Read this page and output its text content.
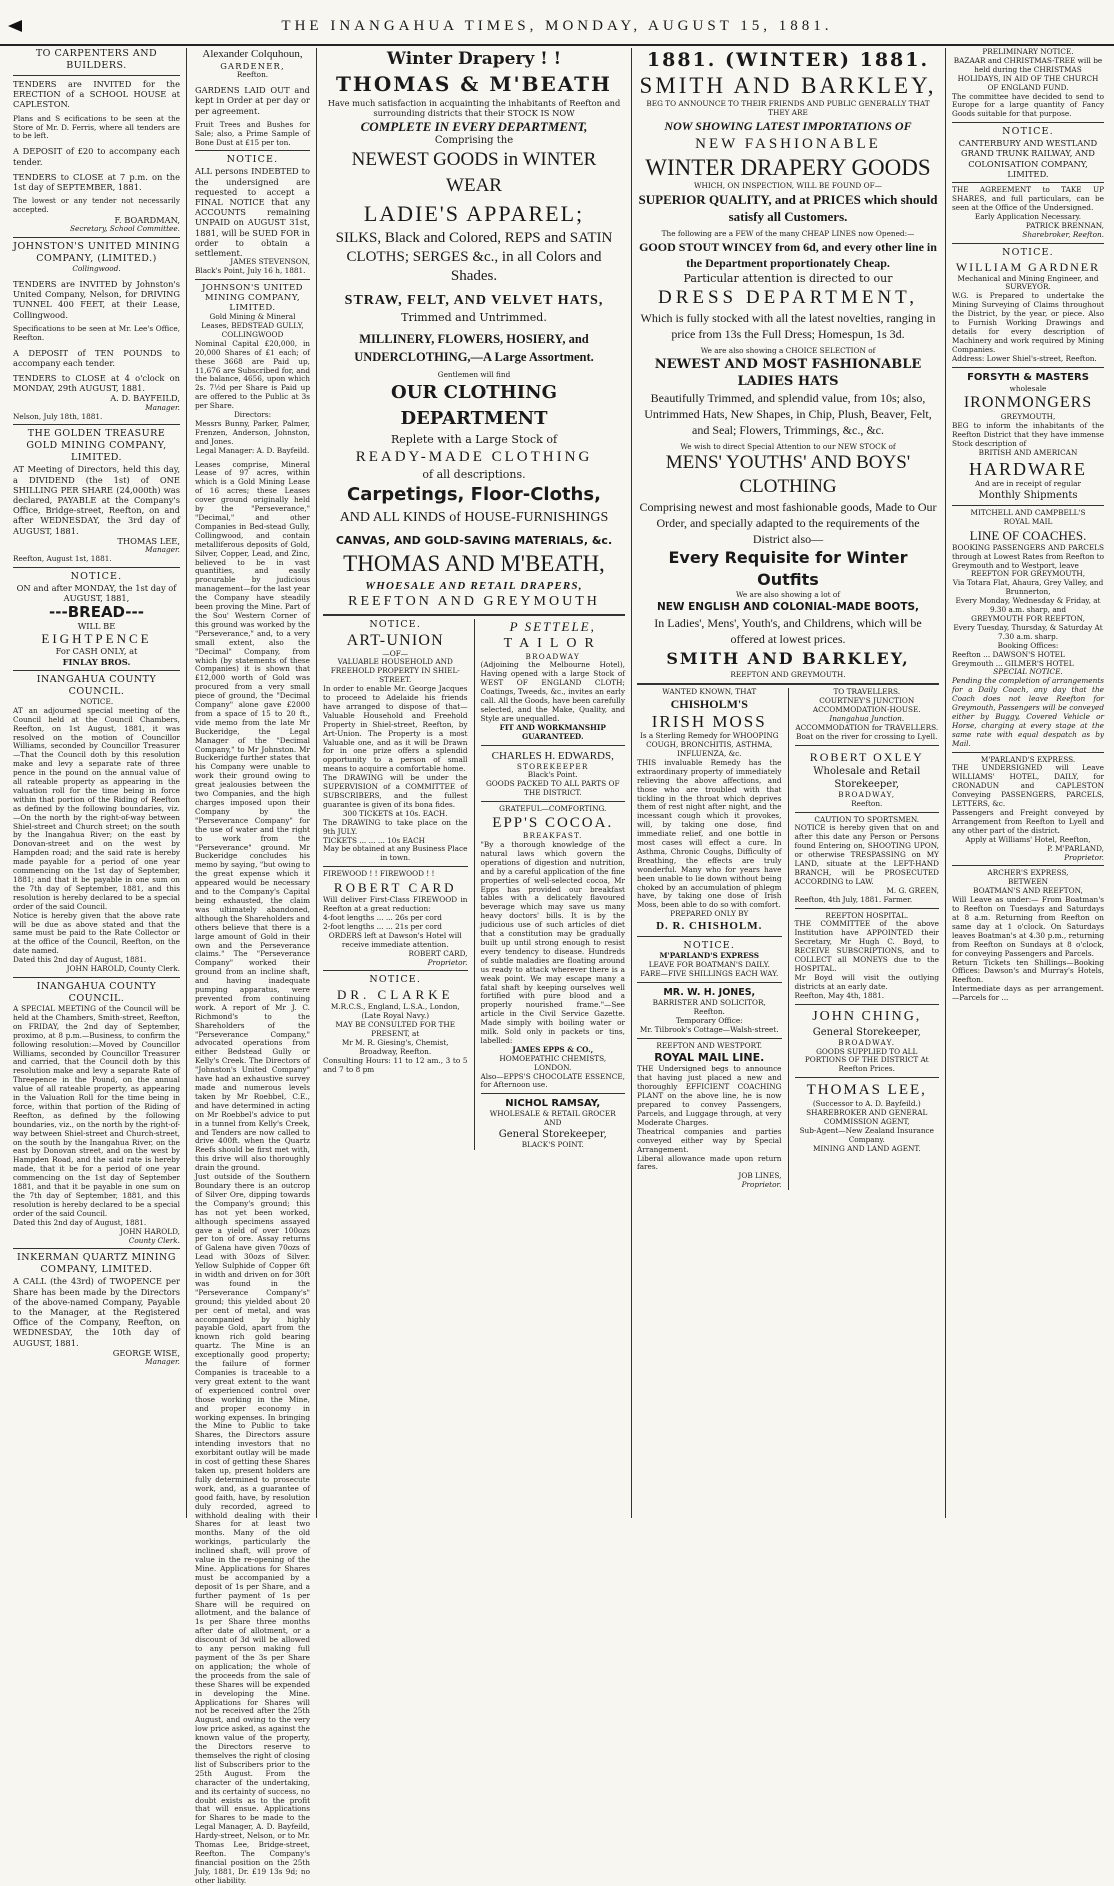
THE INANGAHUA TIMES, MONDAY, AUGUST 15, 1881.
TO CARPENTERS AND BUILDERS.

TENDERS are INVITED for the ERECTION of a SCHOOL HOUSE at CAPLESTON.

Plans and S ecifications to be seen at the Store of Mr. D. Ferris, where all tenders are to be left.

A DEPOSIT of £20 to accompany each tender.

TENDERS to CLOSE at 7 p.m. on the 1st day of SEPTEMBER, 1881.

The lowest or any tender not necessarily accepted.

F. BOARDMAN,

Secretary, School Committee.

JOHNSTON'S UNITED MINING COMPANY, (LIMITED.)

Collingwood.

TENDERS are INVITED by Johnston's United Company, Nelson, for DRIVING TUNNEL 400 FEET, at their Lease, Collingwood.

Specifications to be seen at Mr. Lee's Office, Reefton.

A DEPOSIT of TEN POUNDS to accompany each tender.

TENDERS to CLOSE at 4 o'clock on MONDAY, 29th AUGUST, 1881.

A. D. BAYFEILD,

Manager.

Nelson, July 18th, 1881.

THE GOLDEN TREASURE GOLD MINING COMPANY, LIMITED.

AT Meeting of Directors, held this day, a DIVIDEND (the 1st) of ONE SHILLING PER SHARE (24,000th) was declared, PAYABLE at the Company's Office, Bridge-street, Reefton, on and after WEDNESDAY, the 3rd day of AUGUST, 1881.

THOMAS LEE,

Manager.

Reefton, August 1st, 1881.

NOTICE.

ON and after MONDAY, the 1st day of AUGUST, 1881,

---BREAD---

WILL BE

EIGHTPENCE

For CASH ONLY, at

FINLAY BROS.

INANGAHUA COUNTY COUNCIL.

NOTICE.

AT an adjourned special meeting of the Council held at the Council Chambers, Reefton, on 1st August, 1881, it was resolved on the motion of Councillor Williams, seconded by Councillor Treasurer—That the Council doth by this resolution make and levy a separate rate of three pence in the pound on the annual value of all rateable property as appearing in the valuation roll for the time being in force within that portion of the Riding of Reefton as defined by the following boundaries, viz.—On the north by the right-of-way between Shiel-street and Church street; on the south by the Inangahua River; on the east by Donovan-street and on the west by Hampden road; and the said rate is hereby made payable for a period of one year commencing on the 1st day of September, 1881; and that it be payable in one sum on the 7th day of September, 1881, and this resolution is hereby declared to be a special order of the said Council.

Notice is hereby given that the above rate will be due as above stated and that the same must be paid to the Rate Collector or at the office of the Council, Reefton, on the date named.

Dated this 2nd day of August, 1881.

JOHN HAROLD, County Clerk.

INANGAHUA COUNTY COUNCIL.

A SPECIAL MEETING of the Council will be held at the Chambers, Smith-street, Reefton, on FRIDAY, the 2nd day of September, proximo, at 8 p.m.—Business, to confirm the following resolution:—Moved by Councillor Williams, seconded by Councillor Treasurer and carried, that the Council doth by this resolution make and levy a separate Rate of Threepence in the Pound, on the annual value of all rateable property, as appearing in the Valuation Roll for the time being in force, within that portion of the Riding of Reefton, as defined by the following boundaries, viz., on the north by the right-of-way between Shiel-street and Church-street, on the south by the Inangahua River, on the east by Donovan street, and on the west by Hampden Road, and the said rate is hereby made, that it be for a period of one year commencing on the 1st day of September 1881, and that it be payable in one sum on the 7th day of September, 1881, and this resolution is hereby declared to be a special order of the said Council.

Dated this 2nd day of August, 1881.

JOHN HAROLD,

County Clerk.

INKERMAN QUARTZ MINING COMPANY, LIMITED.

A CALL (the 43rd) of TWOPENCE per Share has been made by the Directors of the above-named Company, Payable to the Manager, at the Registered Office of the Company, Reefton, on WEDNESDAY, the 10th day of AUGUST, 1881.

GEORGE WISE,

Manager.

Alexander Colquhoun,

GARDENER,

Reefton.

GARDENS LAID OUT and kept in Order at per day or per agreement.

Fruit Trees and Bushes for Sale; also, a Prime Sample of Bone Dust at £15 per ton.

NOTICE.

ALL persons INDEBTED to the undersigned are requested to accept a FINAL NOTICE that any ACCOUNTS remaining UNPAID on AUGUST 31st, 1881, will be SUED FOR in order to obtain a settlement.

JAMES STEVENSON,

Black's Point, July 16 h, 1881.

JOHNSON'S UNITED MINING COMPANY, LIMITED.

Gold Mining & Mineral Leases, BEDSTEAD GULLY, COLLINGWOOD

Nominal Capital £20,000, in 20,000 Shares of £1 each; of these 3668 are Paid up, 11,676 are Subscribed for, and the balance, 4656, upon which 2s. 7½d per Share is Paid up are offered to the Public at 3s per Share.

Directors:

Messrs Bunny, Parker, Palmer, Frenzen, Anderson, Johnston, and Jones.

Legal Manager: A. D. Bayfeild.

Leases comprise, Mineral Lease of 97 acres, within which is a Gold Mining Lease of 16 acres; these Leases cover ground originally held by the "Perseverance," "Decimal," and other Companies in Bed-stead Gully, Collingwood, and contain metalliferous deposits of Gold, Silver, Copper, Lead, and Zinc, believed to be in vast quantities, and easily procurable by judicious management—for the last year the Company have steadily been proving the Mine. Part of the Sou' Western Corner of this ground was worked by the "Perseverance," and, to a very small extent, also the "Decimal" Company, from which (by statements of these Companies) it is shown that £12,000 worth of Gold was procured from a very small piece of ground, the "Decimal Company" alone gave £2000 from a space of 15 to 20 ft., vide memo from the late Mr Buckeridge, the Legal Manager of the "Decimal Company," to Mr Johnston. Mr Buckeridge further states that his Company were unable to work their ground owing to great jealousies between the two Companies, and the high charges imposed upon their Company by the "Perseverance Company" for the use of water and the right to work from the "Perseverance" ground. Mr Buckeridge concludes his memo by saying, "but owing to the great expense which it appeared would be necessary and to the Company's Capital being exhausted, the claim was ultimately abandoned, although the Shareholders and others believe that there is a large amount of Gold in their own and the Perseverance claims." The "Perseverance Company" worked their ground from an incline shaft, and having inadequate pumping apparatus, were prevented from continuing work. A report of Mr J. C. Richmond's to the Shareholders of the "Perseverance Company," advocated operations from either Bedstead Gully or Kelly's Creek. The Directors of "Johnston's United Company" have had an exhaustive survey made and numerous levels taken by Mr Roebbel, C.E., and have determined in acting on Mr Roebbel's advice to put in a tunnel from Kelly's Creek, and Tenders are now called to drive 400ft. when the Quartz Reefs should be first met with, this drive will also thoroughly drain the ground.

Just outside of the Southern Boundary there is an outcrop of Silver Ore, dipping towards the Company's ground; this has not yet been worked, although specimens assayed gave a yield of over 100ozs per ton of ore. Assay returns of Galena have given 70ozs of Lead with 30ozs of Silver. Yellow Sulphide of Copper 6ft in width and driven on for 30ft was found in the "Perseverance Company's" ground; this yielded about 20 per cent of metal, and was accompanied by highly payable Gold, apart from the known rich gold bearing quartz. The Mine is an exceptionally good property; the failure of former Companies is traceable to a very great extent to the want of experienced control over those working in the Mine, and proper economy in working expenses. In bringing the Mine to Public to take Shares, the Directors assure intending investors that no exorbitant outlay will be made in cost of getting these Shares taken up, present holders are fully determined to prosecute work, and, as a guarantee of good faith, have, by resolution duly recorded, agreed to withhold dealing with their Shares for at least two months. Many of the old workings, particularly the inclined shaft, will prove of value in the re-opening of the Mine. Applications for Shares must be accompanied by a deposit of 1s per Share, and a further payment of 1s per Share will be required on allotment, and the balance of 1s per Share three months after date of allotment, or a discount of 3d will be allowed to any person making full payment of the 3s per Share on application; the whole of the proceeds from the sale of these Shares will be expended in developing the Mine. Applications for Shares will not be received after the 25th August, and owing to the very low price asked, as against the known value of the property, the Directors reserve to themselves the right of closing list of Subscribers prior to the 25th August. From the character of the undertaking, and its certainty of success, no doubt exists as to the profit that will ensue. Applications for Shares to be made to the Legal Manager, A. D. Bayfeild, Hardy-street, Nelson, or to Mr. Thomas Lee, Bridge-street, Reefton. The Company's financial position on the 25th July, 1881, Dr. £19 13s 9d; no other liability.

Winter Drapery ! !
THOMAS & M'BEATH

Have much satisfaction in acquainting the inhabitants of Reefton and surrounding districts that their STOCK IS NOW

COMPLETE IN EVERY DEPARTMENT,

Comprising the

NEWEST GOODS in WINTER WEAR
LADIE'S APPAREL;
SILKS, Black and Colored, REPS and SATIN CLOTHS; SERGES &c., in all Colors and Shades.
STRAW, FELT, AND VELVET HATS,

Trimmed and Untrimmed.

MILLINERY, FLOWERS, HOSIERY, and UNDERCLOTHING,—A Large Assortment.

Gentlemen will find

OUR CLOTHING DEPARTMENT

Replete with a Large Stock of

READY-MADE CLOTHING

of all descriptions.

Carpetings, Floor-Cloths,
AND ALL KINDS of HOUSE-FURNISHINGS
CANVAS, AND GOLD-SAVING MATERIALS, &c.
THOMAS AND M'BEATH,
WHOESALE AND RETAIL DRAPERS,
REEFTON AND GREYMOUTH
NOTICE.
ART-UNION

—OF—

VALUABLE HOUSEHOLD AND FREEHOLD PROPERTY IN SHIEL-STREET.

In order to enable Mr. George Jacques to proceed to Adelaide his friends have arranged to dispose of that— Valuable Household and Freehold Property in Shiel-street, Reefton, by Art-Union. The Property is a most Valuable one, and as it will be Drawn for in one prize offers a splendid opportunity to a person of small means to acquire a comfortable home.

The DRAWING will be under the SUPERVISION of a COMMITTEE of SUBSCRIBERS, and the fullest guarantee is given of its bona fides.

300 TICKETS at 10s. EACH.

The DRAWING to take place on the 9th JULY.

TICKETS ... ... ... 10s EACH

May be obtained at any Business Place in town.

FIREWOOD ! ! FIREWOOD ! !

ROBERT CARD

Will deliver First-Class FIREWOOD in Reefton at a great reduction:

4-foot lengths ... ... 26s per cord

2-foot lengths ... ... 21s per cord

ORDERS left at Dawson's Hotel will receive immediate attention.

ROBERT CARD,

Proprietor.

NOTICE.
DR. CLARKE

M.R.C.S., England, L.S.A., London, (Late Royal Navy.)

MAY BE CONSULTED FOR THE PRESENT, at

Mr M. R. Giesing's, Chemist, Broadway, Reefton.

Consulting Hours: 11 to 12 am., 3 to 5 and 7 to 8 pm

P SETTELE,
TAILOR

BROADWAY

(Adjoining the Melbourne Hotel), Having opened with a large Stock of WEST OF ENGLAND CLOTH; Coatings, Tweeds, &c., invites an early call. All the Goods, have been carefully selected, and the Make, Quality, and Style are unequalled.

FIT AND WORKMANSHIP GUARANTEED.

CHARLES H. EDWARDS,

STOREKEEPER

Black's Point.

GOODS PACKED TO ALL PARTS OF THE DISTRICT.

GRATEFUL—COMFORTING.

EPP'S COCOA.

BREAKFAST.

"By a thorough knowledge of the natural laws which govern the operations of digestion and nutrition, and by a careful application of the fine properties of well-selected cocoa, Mr Epps has provided our breakfast tables with a delicately flavoured beverage which may save us many heavy doctors' bills. It is by the judicious use of such articles of diet that a constitution may be gradually built up until strong enough to resist every tendency to disease. Hundreds of subtle maladies are floating around us ready to attack wherever there is a weak point. We may escape many a fatal shaft by keeping ourselves well fortified with pure blood and a properly nourished frame."—See article in the Civil Service Gazette. Made simply with boiling water or milk. Sold only in packets or tins, labelled:

JAMES EPPS & CO.,

HOMOEPATHIC CHEMISTS, LONDON.

Also—EPPS'S CHOCOLATE ESSENCE, for Afternoon use.

NICHOL RAMSAY,

WHOLESALE & RETAIL GROCER

AND

General Storekeeper,

BLACK'S POINT.

1881. (WINTER) 1881.
SMITH AND BARKLEY,

BEG TO ANNOUNCE TO THEIR FRIENDS AND PUBLIC GENERALLY THAT THEY ARE

NOW SHOWING LATEST IMPORTATIONS OF
NEW FASHIONABLE
WINTER DRAPERY GOODS

WHICH, ON INSPECTION, WILL BE FOUND OF—

SUPERIOR QUALITY, and at PRICES which should satisfy all Customers.

The following are a FEW of the many CHEAP LINES now Opened:—

GOOD STOUT WINCEY from 6d, and every other line in the Department proportionately Cheap.

Particular attention is directed to our

DRESS DEPARTMENT,
Which is fully stocked with all the latest novelties, ranging in price from 13s the Full Dress; Homespun, 1s 3d.

We are also showing a CHOICE SELECTION of

NEWEST AND MOST FASHIONABLE LADIES HATS
Beautifully Trimmed, and splendid value, from 10s; also, Untrimmed Hats, New Shapes, in Chip, Plush, Beaver, Felt, and Seal; Flowers, Trimmings, &c., &c.

We wish to direct Special Attention to our NEW STOCK of

MENS' YOUTHS' AND BOYS' CLOTHING
Comprising newest and most fashionable goods, Made to Our Order, and specially adapted to the requirements of the District also—
Every Requisite for Winter Outfits

We are also showing a lot of

NEW ENGLISH AND COLONIAL-MADE BOOTS,
In Ladies', Mens', Youth's, and Childrens, which will be offered at lowest prices.
SMITH AND BARKLEY,

REEFTON AND GREYMOUTH.

WANTED KNOWN, THAT

CHISHOLM'S
IRISH MOSS

Is a Sterling Remedy for WHOOPING COUGH, BRONCHITIS, ASTHMA, INFLUENZA, &c.

THIS invaluable Remedy has the extraordinary property of immediately relieving the above affections, and those who are troubled with that tickling in the throat which deprives them of rest night after night, and the incessant cough which it provokes, will, by taking one dose, find immediate relief, and one bottle in most cases will effect a cure. In Asthma, Chronic Coughs, Difficulty of Breathing, the effects are truly wonderful. Many who for years have been unable to lie down without being choked by an accumulation of phlegm have, by taking one dose of Irish Moss, been able to do so with comfort.

PREPARED ONLY BY

D. R. CHISHOLM.
NOTICE.

M'PARLAND'S EXPRESS

LEAVE FOR BOATMAN'S DAILY.

FARE—FIVE SHILLINGS EACH WAY.

MR. W. H. JONES,

BARRISTER AND SOLICITOR, Reefton.

Temporary Office:

Mr. Tilbrook's Cottage—Walsh-street.

REEFTON AND WESTPORT.

ROYAL MAIL LINE.

THE Undersigned begs to announce that having just placed a new and thoroughly EFFICIENT COACHING PLANT on the above line, he is now prepared to convey Passengers, Parcels, and Luggage through, at very Moderate Charges.

Theatrical companies and parties conveyed either way by Special Arrangement.

Liberal allowance made upon return fares.

JOB LINES,

Proprietor.

TO TRAVELLERS.

COURTNEY'S JUNCTION ACCOMMODATION-HOUSE.

Inangahua Junction.

ACCOMMODATION for TRAVELLERS.

Boat on the river for crossing to Lyell.

ROBERT OXLEY

Wholesale and Retail Storekeeper,

BROADWAY,

Reefton.

CAUTION TO SPORTSMEN.

NOTICE is hereby given that on and after this date any Person or Persons found Entering on, SHOOTING UPON, or otherwise TRESPASSING on MY LAND, situate at the LEFT-HAND BRANCH, will be PROSECUTED ACCORDING to LAW.

M. G. GREEN,

Reefton, 4th July, 1881. Farmer.

REEFTON HOSPITAL.

THE COMMITTEE of the above Institution have APPOINTED their Secretary, Mr Hugh C. Boyd, to RECEIVE SUBSCRIPTIONS, and to COLLECT all MONEYS due to the HOSPITAL.

Mr Boyd will visit the outlying districts at an early date.

Reefton, May 4th, 1881.

JOHN CHING,

General Storekeeper,

BROADWAY.

GOODS SUPPLIED TO ALL PORTIONS OF THE DISTRICT At Reefton Prices.

THOMAS LEE,

(Successor to A. D. Bayfeild.)

SHAREBROKER AND GENERAL COMMISSION AGENT,

Sub-Agent—New Zealand Insurance Company.

MINING AND LAND AGENT.

PRELIMINARY NOTICE.

BAZAAR and CHRISTMAS-TREE will be held during the CHRISTMAS HOLIDAYS, IN AID OF THE CHURCH OF ENGLAND FUND.

The committee have decided to send to Europe for a large quantity of Fancy Goods suitable for that purpose.

NOTICE.

CANTERBURY AND WESTLAND GRAND TRUNK RAILWAY, AND COLONISATION COMPANY, LIMITED.

THE AGREEMENT to TAKE UP SHARES, and full particulars, can be seen at the Office of the Undersigned.

Early Application Necessary.

PATRICK BRENNAN,

Sharebroker, Reefton.

NOTICE.
WILLIAM GARDNER

Mechanical and Mining Engineer, and SURVEYOR.

W.G. is Prepared to undertake the Mining Surveying of Claims throughout the District, by the year, or piece. Also to Furnish Working Drawings and details for every description of Machinery and work required by Mining Companies.

Address: Lower Shiel's-street, Reefton.

FORSYTH & MASTERS

wholesale

IRONMONGERS

GREYMOUTH,

BEG to inform the inhabitants of the Reefton District that they have immense Stock description of

BRITISH AND AMERICAN

HARDWARE

And are in receipt of regular

Monthly Shipments

MITCHELL AND CAMPBELL'S

ROYAL MAIL

LINE OF COACHES.

BOOKING PASSENGERS AND PARCELS through at Lowest Rates from Reefton to Greymouth and to Westport, leave

REEFTON FOR GREYMOUTH,

Via Totara Flat, Ahaura, Grey Valley, and Brunnerton,

Every Monday, Wednesday & Friday, at 9.30 a.m. sharp, and

GREYMOUTH FOR REEFTON,

Every Tuesday, Thursday, & Saturday At 7.30 a.m. sharp.

Booking Offices:

Reefton ... DAWSON'S HOTEL

Greymouth ... GILMER'S HOTEL

SPECIAL NOTICE.

Pending the completion of arrangements for a Daily Coach, any day that the Coach does not leave Reefton for Greymouth, Passengers will be conveyed either by Buggy, Covered Vehicle or Horse, charging at every stage at the same rate with equal despatch as by Mail.

M'PARLAND'S EXPRESS.

THE UNDERSIGNED will Leave WILLIAMS' HOTEL, DAILY, for CRONADUN and CAPLESTON Conveying PASSENGERS, PARCELS, LETTERS, &c.

Passengers and Freight conveyed by Arrangement from Reefton to Lyell and any other part of the district.

Apply at Williams' Hotel, Reefton,

P. M'PARLAND,

Proprietor.

ARCHER'S EXPRESS,

BETWEEN

BOATMAN'S AND REEFTON,

Will Leave as under:— From Boatman's to Reefton on Tuesdays and Saturdays at 8 a.m. Returning from Reefton on same day at 1 o'clock. On Saturdays leaves Boatman's at 4.30 p.m., returning from Reefton on Sundays at 8 o'clock, for conveying Passengers and Parcels.

Return Tickets ten Shillings—Booking Offices: Dawson's and Murray's Hotels, Reefton.

Intermediate days as per arrangement.—Parcels for ...
